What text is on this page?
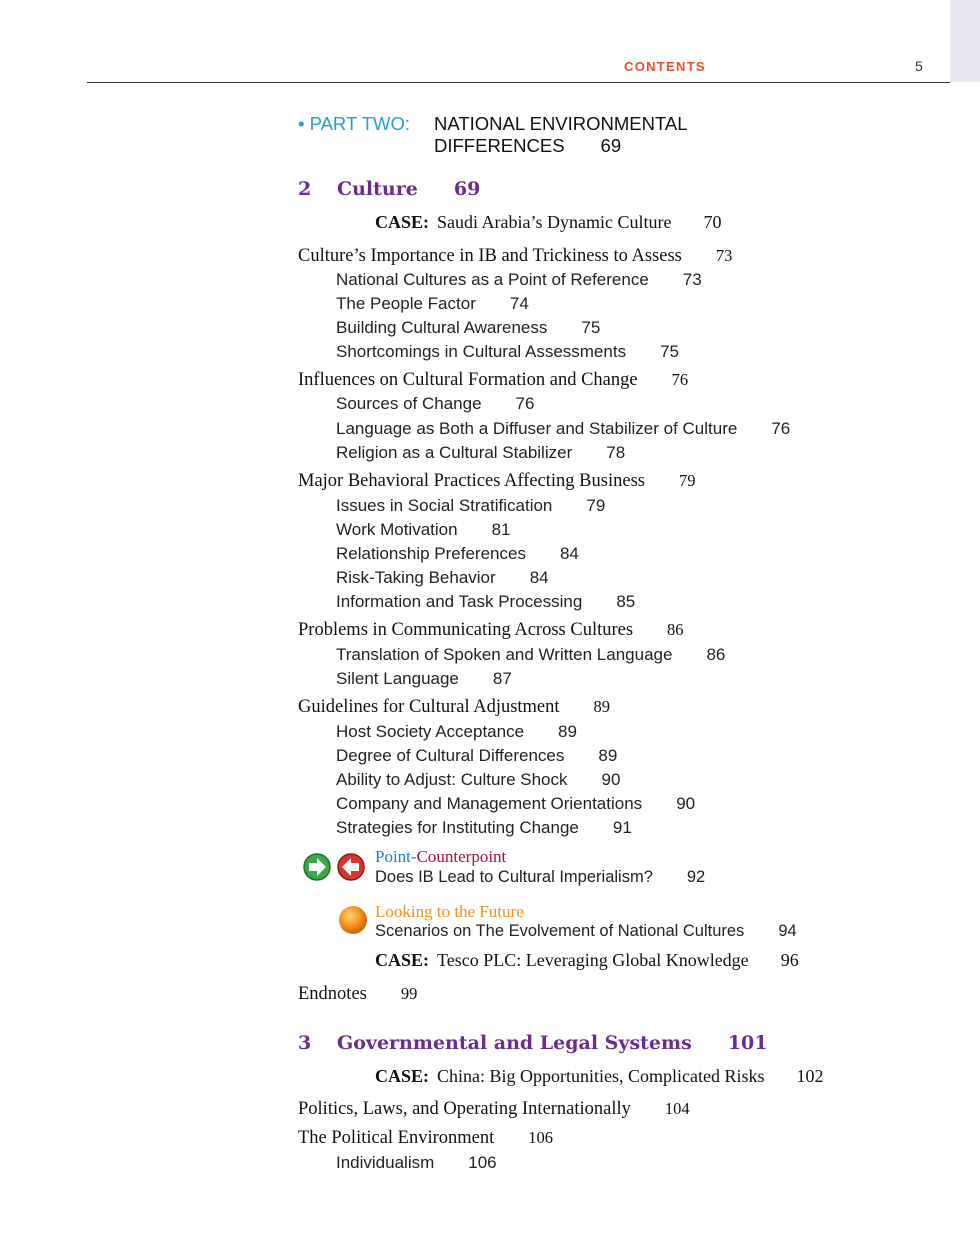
CONTENTS	5
• PART TWO: NATIONAL ENVIRONMENTAL
DIFFERENCES 69
2 Culture 69
CASE: Saudi Arabia’s Dynamic Culture 70
Culture’s Importance in IB and Trickiness to Assess 73
National Cultures as a Point of Reference 73
The People Factor 74
Building Cultural Awareness 75
Shortcomings in Cultural Assessments 75
Influences on Cultural Formation and Change 76
Sources of Change 76
Language as Both a Diffuser and Stabilizer of Culture 76
Religion as a Cultural Stabilizer 78
Major Behavioral Practices Affecting Business 79
Issues in Social Stratification 79
Work Motivation 81
Relationship Preferences 84
Risk-Taking Behavior 84
Information and Task Processing 85
Problems in Communicating Across Cultures 86
Translation of Spoken and Written Language 86
Silent Language 87
Guidelines for Cultural Adjustment 89
Host Society Acceptance 89
Degree of Cultural Differences 89
Ability to Adjust: Culture Shock 90
Company and Management Orientations 90
Strategies for Instituting Change 91
Point-Counterpoint
Does IB Lead to Cultural Imperialism? 92
Looking to the Future
Scenarios on The Evolvement of National Cultures 94
CASE: Tesco PLC: Leveraging Global Knowledge 96
Endnotes 99
3 Governmental and Legal Systems 101
CASE: China: Big Opportunities, Complicated Risks 102
Politics, Laws, and Operating Internationally 104
The Political Environment 106
Individualism 106
